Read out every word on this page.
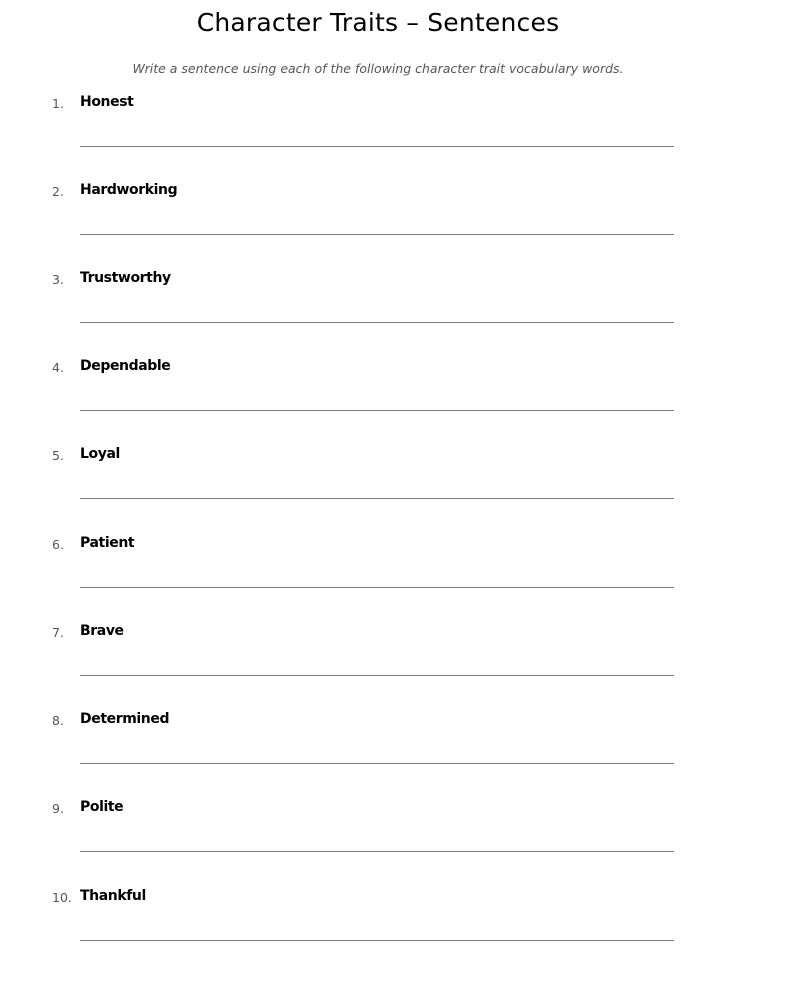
Character Traits – Sentences

Write a sentence using each of the following character trait vocabulary words.

1. Honest
2. Hardworking
3. Trustworthy
4. Dependable
5. Loyal
6. Patient
7. Brave
8. Determined
9. Polite
10. Thankful
